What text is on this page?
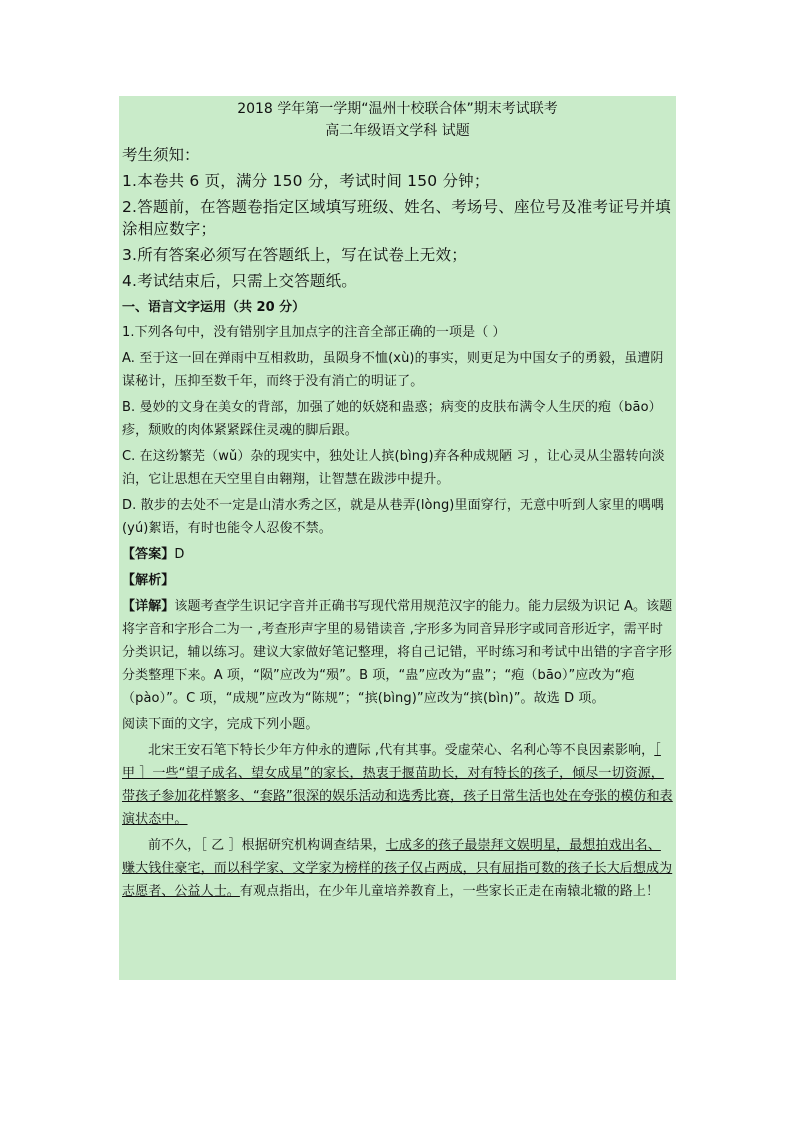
2018 学年第一学期“温州十校联合体”期末考试联考

高二年级语文学科 试题

考生须知：

1.本卷共 6 页，满分 150 分，考试时间 150 分钟；

2.答题前，在答题卷指定区域填写班级、姓名、考场号、座位号及准考证号并填涂相应数字；

3.所有答案必须写在答题纸上，写在试卷上无效；

4.考试结束后，只需上交答题纸。

一、语言文字运用（共 20 分）

1.下列各句中，没有错别字且加点字的注音全部正确的一项是（ ）

A. 至于这一回在弹雨中互相救助，虽陨身不恤(xù)的事实，则更足为中国女子的勇毅，虽遭阴谋秘计，压抑至数千年，而终于没有消亡的明证了。

B. 曼妙的文身在美女的背部，加强了她的妖娆和蛊惑；病变的皮肤布满令人生厌的疱（bāo）疹，颓败的肉体紧紧踩住灵魂的脚后跟。

C. 在这纷繁芜（wǔ）杂的现实中，独处让人摈(bìng)弃各种成规陋 习 ，让心灵从尘嚣转向淡泊，它让思想在天空里自由翱翔，让智慧在跋涉中提升。

D. 散步的去处不一定是山清水秀之区，就是从巷弄(lòng)里面穿行，无意中听到人家里的喁喁(yú)絮语，有时也能令人忍俊不禁。

【答案】D

【解析】

【详解】该题考查学生识记字音并正确书写现代常用规范汉字的能力。能力层级为识记 A。该题将字音和字形合二为一 ,考查形声字里的易错读音 ,字形多为同音异形字或同音形近字，需平时分类识记，辅以练习。建议大家做好笔记整理，将自己记错，平时练习和考试中出错的字音字形分类整理下来。A 项，“陨”应改为“殒”。B 项，“蛊”应改为“蛊”；“疱（bāo）”应改为“疱（pào）”。C 项，“成规”应改为“陈规”；“摈(bìng)”应改为“摈(bìn)”。故选 D 项。

阅读下面的文字，完成下列小题。

北宋王安石笔下特长少年方仲永的遭际 ,代有其事。受虚荣心、名利心等不良因素影响，［ 甲 ］一些“望子成名、望女成星”的家长，热衷于揠苗助长，对有特长的孩子，倾尽一切资源，带孩子参加花样繁多、“套路”很深的娱乐活动和选秀比赛，孩子日常生活也处在夸张的模仿和表演状态中。

前不久，［ 乙 ］根据研究机构调查结果，七成多的孩子最崇拜文娱明星，最想拍戏出名、赚大钱住豪宅，而以科学家、文学家为榜样的孩子仅占两成，只有屈指可数的孩子长大后想成为志愿者、公益人士。有观点指出，在少年儿童培养教育上，一些家长正走在南辕北辙的路上！
